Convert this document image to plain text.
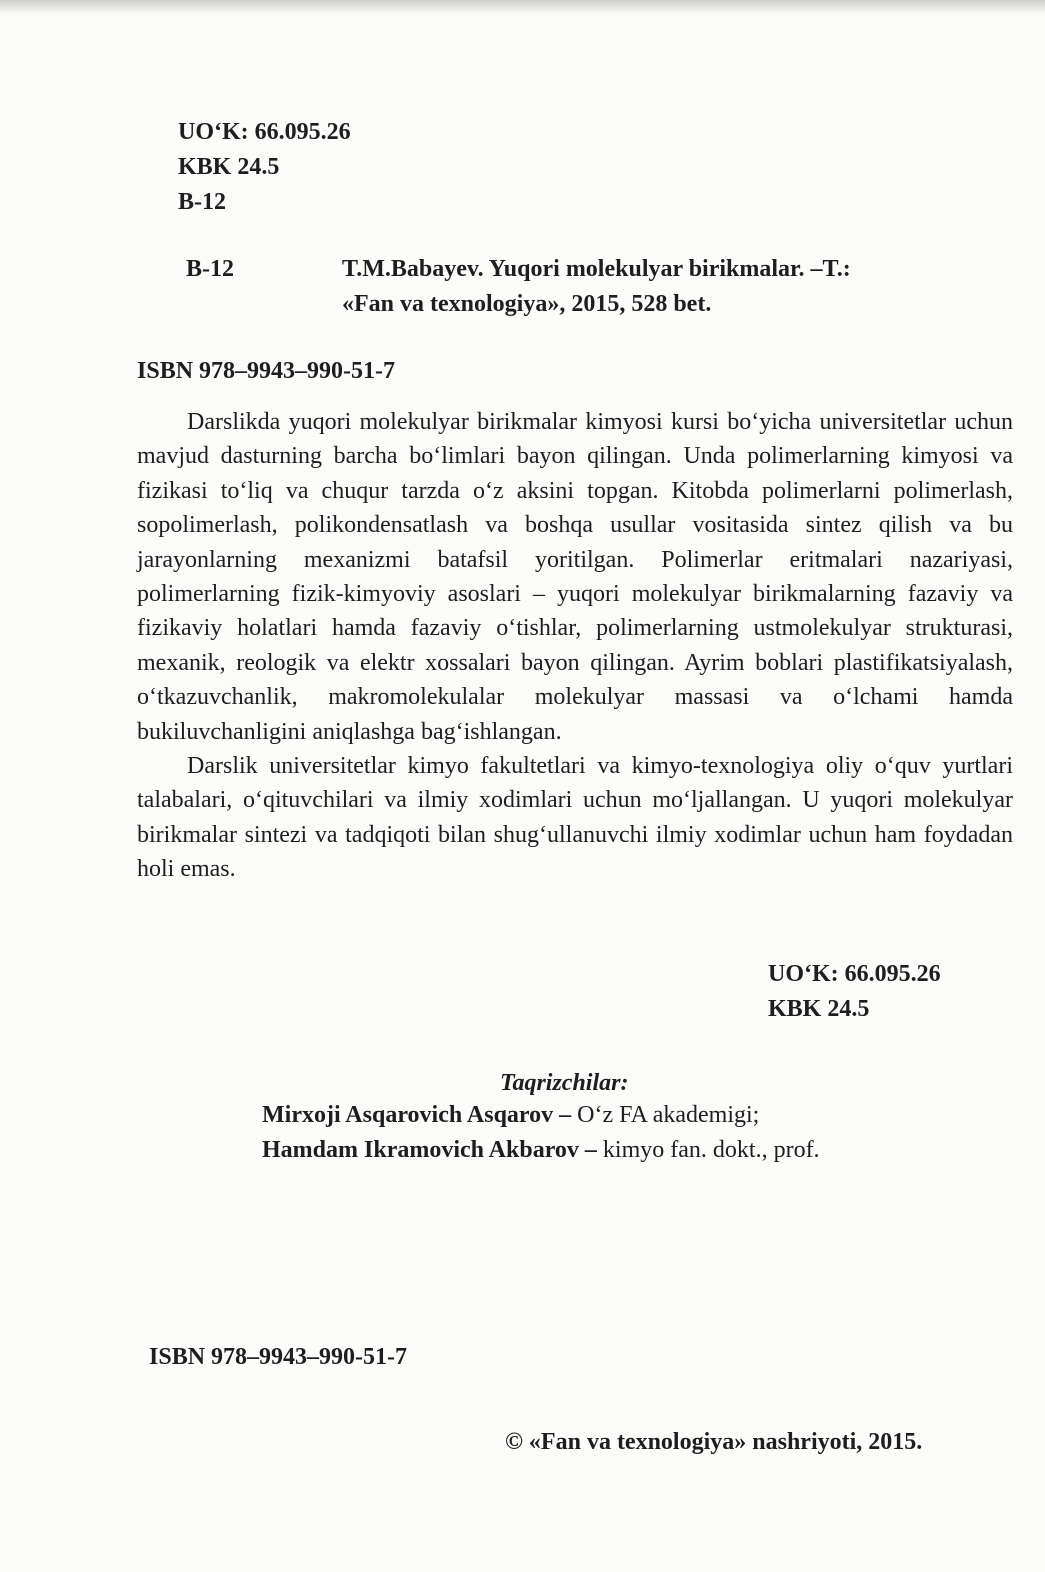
UO‘K: 66.095.26
KBK 24.5
B-12
B-12	T.M.Babayev. Yuqori molekulyar birikmalar. –T.:
«Fan va texnologiya», 2015, 528 bet.
ISBN 978–9943–990-51-7

Darslikda yuqori molekulyar birikmalar kimyosi kursi bo‘yicha universitetlar uchun mavjud dasturning barcha bo‘limlari bayon qilingan. Unda polimerlarning kimyosi va fizikasi to‘liq va chuqur tarzda o‘z aksini topgan. Kitobda polimerlarni polimerlash, sopolimerlash, polikondensatlash va boshqa usullar vositasida sintez qilish va bu jarayonlarning mexanizmi batafsil yoritilgan. Polimerlar eritmalari nazariyasi, polimerlarning fizik-kimyoviy asoslari – yuqori molekulyar birikmalarning fazaviy va fizikaviy holatlari hamda fazaviy o‘tishlar, polimerlarning ustmolekulyar strukturasi, mexanik, reologik va elektr xossalari bayon qilingan. Ayrim boblari plastifikatsiyalash, o‘tkazuvchanlik, makromolekulalar molekulyar massasi va o‘lchami hamda bukiluvchanligini aniqlashga bag‘ishlangan.

Darslik universitetlar kimyo fakultetlari va kimyo-texnologiya oliy o‘quv yurtlari talabalari, o‘qituvchilari va ilmiy xodimlari uchun mo‘ljallangan. U yuqori molekulyar birikmalar sintezi va tadqiqoti bilan shug‘ullanuvchi ilmiy xodimlar uchun ham foydadan holi emas.

UO‘K: 66.095.26
KBK 24.5
Taqrizchilar:
Mirxoji Asqarovich Asqarov – O‘z FA akademigi;
Hamdam Ikramovich Akbarov – kimyo fan. dokt., prof.
ISBN 978–9943–990-51-7
© «Fan va texnologiya» nashriyoti, 2015.
